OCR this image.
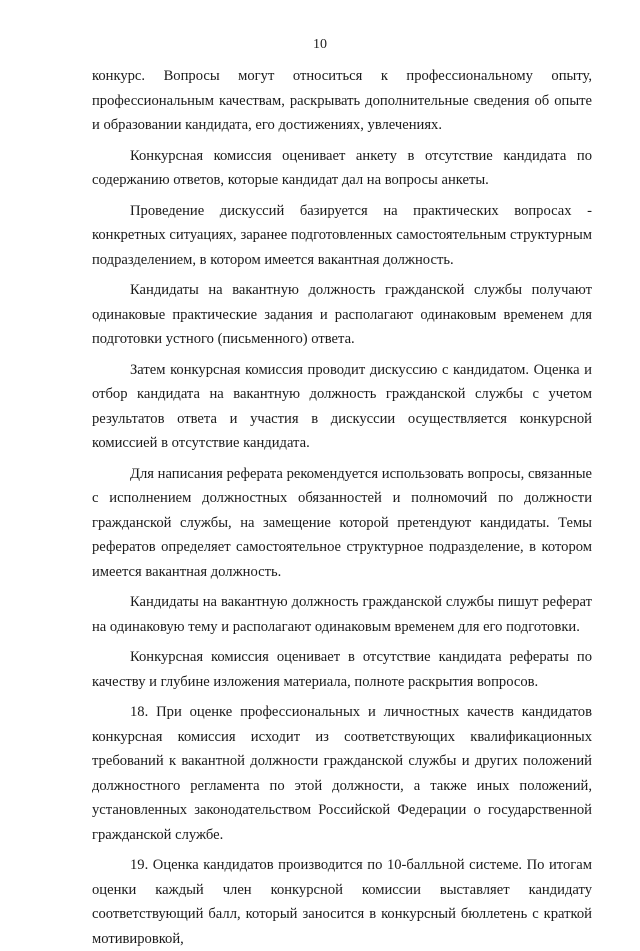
10

конкурс. Вопросы могут относиться к профессиональному опыту, профессиональным качествам, раскрывать дополнительные сведения об опыте и образовании кандидата, его достижениях, увлечениях.

Конкурсная комиссия оценивает анкету в отсутствие кандидата по содержанию ответов, которые кандидат дал на вопросы анкеты.

Проведение дискуссий базируется на практических вопросах - конкретных ситуациях, заранее подготовленных самостоятельным структурным подразделением, в котором имеется вакантная должность.

Кандидаты на вакантную должность гражданской службы получают одинаковые практические задания и располагают одинаковым временем для подготовки устного (письменного) ответа.

Затем конкурсная комиссия проводит дискуссию с кандидатом. Оценка и отбор кандидата на вакантную должность гражданской службы с учетом результатов ответа и участия в дискуссии осуществляется конкурсной комиссией в отсутствие кандидата.

Для написания реферата рекомендуется использовать вопросы, связанные с исполнением должностных обязанностей и полномочий по должности гражданской службы, на замещение которой претендуют кандидаты. Темы рефератов определяет самостоятельное структурное подразделение, в котором имеется вакантная должность.

Кандидаты на вакантную должность гражданской службы пишут реферат на одинаковую тему и располагают одинаковым временем для его подготовки.

Конкурсная комиссия оценивает в отсутствие кандидата рефераты по качеству и глубине изложения материала, полноте раскрытия вопросов.

18. При оценке профессиональных и личностных качеств кандидатов конкурсная комиссия исходит из соответствующих квалификационных требований к вакантной должности гражданской службы и других положений должностного регламента по этой должности, а также иных положений, установленных законодательством Российской Федерации о государственной гражданской службе.

19. Оценка кандидатов производится по 10-балльной системе. По итогам оценки каждый член конкурсной комиссии выставляет кандидату соответствующий балл, который заносится в конкурсный бюллетень с краткой мотивировкой,
